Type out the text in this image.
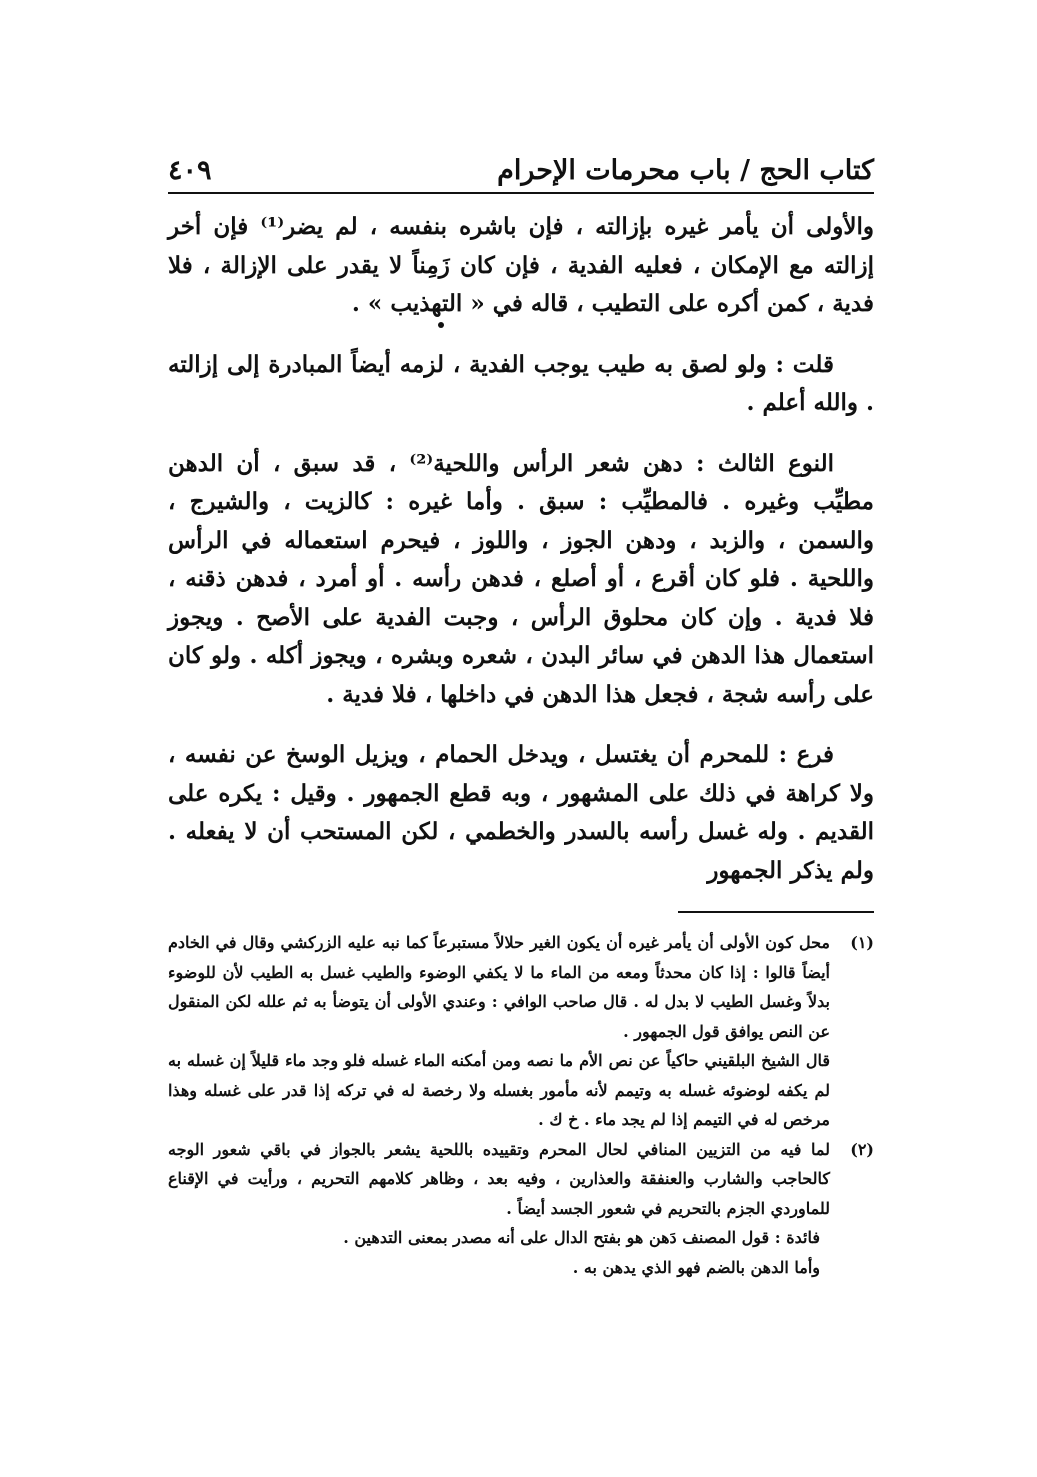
كتاب الحج / باب محرمات الإحرام
٤٠٩

والأولى أن يأمر غيره بإزالته ، فإن باشره بنفسه ، لم يضر⁽¹⁾ فإن أخر إزالته مع الإمكان ، فعليه الفدية ، فإن كان زَمِناً لا يقدر على الإزالة ، فلا فدية ، كمن أكره على التطيب ، قاله في « التهذيب » .

قلت : ولو لصق به طيب يوجب الفدية ، لزمه أيضاً المبادرة إلى إزالته . والله أعلم .

النوع الثالث : دهن شعر الرأس واللحية⁽²⁾ ، قد سبق ، أن الدهن مطيِّب وغيره . فالمطيِّب : سبق . وأما غيره : كالزيت ، والشيرج ، والسمن ، والزبد ، ودهن الجوز ، واللوز ، فيحرم استعماله في الرأس واللحية . فلو كان أقرع ، أو أصلع ، فدهن رأسه . أو أمرد ، فدهن ذقنه ، فلا فدية . وإن كان محلوق الرأس ، وجبت الفدية على الأصح . ويجوز استعمال هذا الدهن في سائر البدن ، شعره وبشره ، ويجوز أكله . ولو كان على رأسه شجة ، فجعل هذا الدهن في داخلها ، فلا فدية .

فرع : للمحرم أن يغتسل ، ويدخل الحمام ، ويزيل الوسخ عن نفسه ، ولا كراهة في ذلك على المشهور ، وبه قطع الجمهور . وقيل : يكره على القديم . وله غسل رأسه بالسدر والخطمي ، لكن المستحب أن لا يفعله . ولم يذكر الجمهور

(١)

محل كون الأولى أن يأمر غيره أن يكون الغير حلالاً مستبرعاً كما نبه عليه الزركشي وقال في الخادم أيضاً قالوا : إذا كان محدثاً ومعه من الماء ما لا يكفي الوضوء والطيب غسل به الطيب لأن للوضوء بدلاً وغسل الطيب لا بدل له . قال صاحب الوافي : وعندي الأولى أن يتوضأ به ثم علله لكن المنقول عن النص يوافق قول الجمهور .

قال الشيخ البلقيني حاكياً عن نص الأم ما نصه ومن أمكنه الماء غسله فلو وجد ماء قليلاً إن غسله به لم يكفه لوضوئه غسله به وتيمم لأنه مأمور بغسله ولا رخصة له في تركه إذا قدر على غسله وهذا مرخص له في التيمم إذا لم يجد ماء . خ ك .

(٢)

لما فيه من التزيين المنافي لحال المحرم وتقييده باللحية يشعر بالجواز في باقي شعور الوجه كالحاجب والشارب والعنفقة والعذارين ، وفيه بعد ، وظاهر كلامهم التحريم ، ورأيت في الإقناع للماوردي الجزم بالتحريم في شعور الجسد أيضاً .

فائدة : قول المصنف دَهن هو بفتح الدال على أنه مصدر بمعنى التدهين .

وأما الدهن بالضم فهو الذي يدهن به .
